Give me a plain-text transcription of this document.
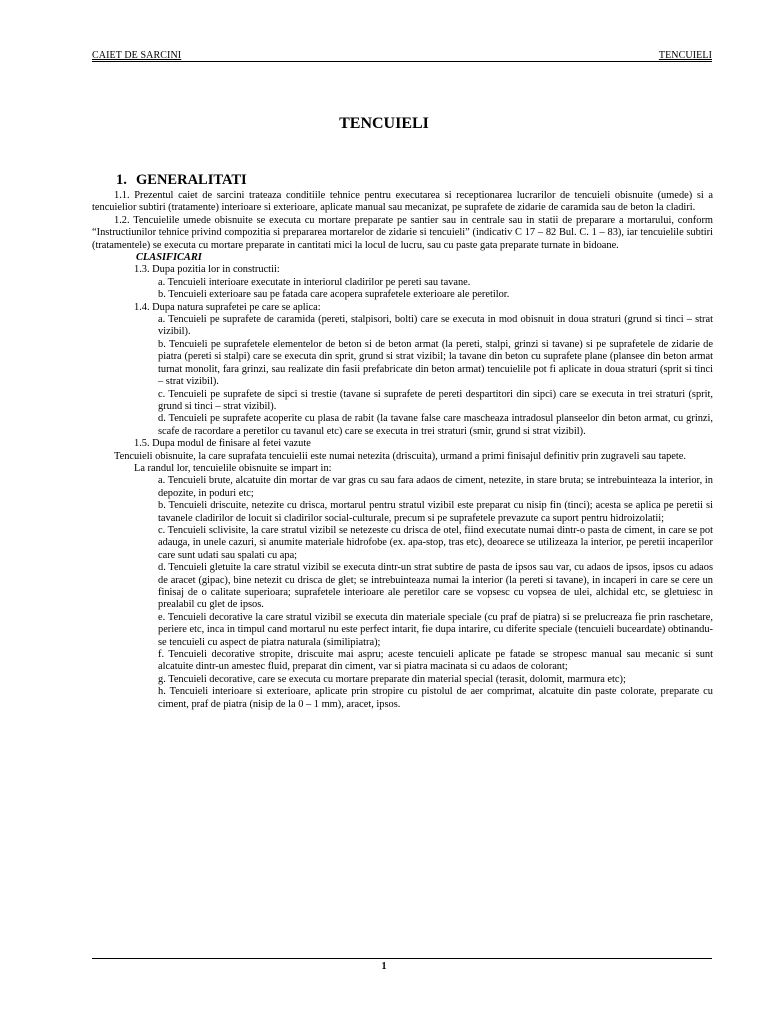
CAIET DE SARCINI	TENCUIELI
TENCUIELI
1. GENERALITATI

1.1. Prezentul caiet de sarcini trateaza conditiile tehnice pentru executarea si receptionarea lucrarilor de tencuieli obisnuite (umede) si a tencuielior subtiri (tratamente) interioare si exterioare, aplicate manual sau mecanizat, pe suprafete de zidarie de caramida sau de beton la cladiri.

1.2. Tencuielile umede obisnuite se executa cu mortare preparate pe santier sau in centrale sau in statii de preparare a mortarului, conform “Instructiunilor tehnice privind compozitia si prepararea mortarelor de zidarie si tencuieli” (indicativ C 17 – 82 Bul. C. 1 – 83), iar tencuielile subtiri (tratamentele) se executa cu mortare preparate in cantitati mici la locul de lucru, sau cu paste gata preparate turnate in bidoane.

CLASIFICARI

1.3. Dupa pozitia lor in constructii:

a. Tencuieli interioare executate in interiorul cladirilor pe pereti sau tavane.

b. Tencuieli exterioare sau pe fatada care acopera suprafetele exterioare ale peretilor.

1.4. Dupa natura suprafetei pe care se aplica:

a. Tencuieli pe suprafete de caramida (pereti, stalpisori, bolti) care se executa in mod obisnuit in doua straturi (grund si tinci – strat vizibil).

b. Tencuieli pe suprafetele elementelor de beton si de beton armat (la pereti, stalpi, grinzi si tavane) si pe suprafetele de zidarie de piatra (pereti si stalpi) care se executa din sprit, grund si strat vizibil; la tavane din beton cu suprafete plane (plansee din beton armat turnat monolit, fara grinzi, sau realizate din fasii prefabricate din beton armat) tencuielile pot fi aplicate in doua straturi (sprit si tinci – strat vizibil).

c. Tencuieli pe suprafete de sipci si trestie (tavane si suprafete de pereti despartitori din sipci) care se executa in trei straturi (sprit, grund si tinci – strat vizibil).

d. Tencuieli pe suprafete acoperite cu plasa de rabit (la tavane false care mascheaza intradosul planseelor din beton armat, cu grinzi, scafe de racordare a peretilor cu tavanul etc) care se executa in trei straturi (smir, grund si strat vizibil).

1.5. Dupa modul de finisare al fetei vazute

Tencuieli obisnuite, la care suprafata tencuielii este numai netezita (driscuita), urmand a primi finisajul definitiv prin zugraveli sau tapete.

La randul lor, tencuielile obisnuite se impart in:

a. Tencuieli brute, alcatuite din mortar de var gras cu sau fara adaos de ciment, netezite, in stare bruta; se intrebuinteaza la interior, in depozite, in poduri etc;

b. Tencuieli driscuite, netezite cu drisca, mortarul pentru stratul vizibil este preparat cu nisip fin (tinci); acesta se aplica pe peretii si tavanele cladirilor de locuit si cladirilor social-culturale, precum si pe suprafetele prevazute ca suport pentru hidroizolatii;

c. Tencuieli sclivisite, la care stratul vizibil se netezeste cu drisca de otel, fiind executate numai dintr-o pasta de ciment, in care se pot adauga, in unele cazuri, si anumite materiale hidrofobe (ex. apa-stop, tras etc), deoarece se utilizeaza la interior, pe peretii incaperilor care sunt udati sau spalati cu apa;

d. Tencuieli gletuite la care stratul vizibil se executa dintr-un strat subtire de pasta de ipsos sau var, cu adaos de ipsos, ipsos cu adaos de aracet (gipac), bine netezit cu drisca de glet; se intrebuinteaza numai la interior (la pereti si tavane), in incaperi in care se cere un finisaj de o calitate superioara; suprafetele interioare ale peretilor care se vopsesc cu vopsea de ulei, alchidal etc, se gletuiesc in prealabil cu glet de ipsos.

e. Tencuieli decorative la care stratul vizibil se executa din materiale speciale (cu praf de piatra) si se prelucreaza fie prin raschetare, periere etc, inca in timpul cand mortarul nu este perfect intarit, fie dupa intarire, cu diferite speciale (tencuieli buceardate) obtinandu-se tencuieli cu aspect de piatra naturala (similipiatra);

f. Tencuieli decorative stropite, driscuite mai aspru; aceste tencuieli aplicate pe fatade se stropesc manual sau mecanic si sunt alcatuite dintr-un amestec fluid, preparat din ciment, var si piatra macinata si cu adaos de colorant;

g. Tencuieli decorative, care se executa cu mortare preparate din material special (terasit, dolomit, marmura etc);

h. Tencuieli interioare si exterioare, aplicate prin stropire cu pistolul de aer comprimat, alcatuite din paste colorate, preparate cu ciment, praf de piatra (nisip de la 0 – 1 mm), aracet, ipsos.

1
